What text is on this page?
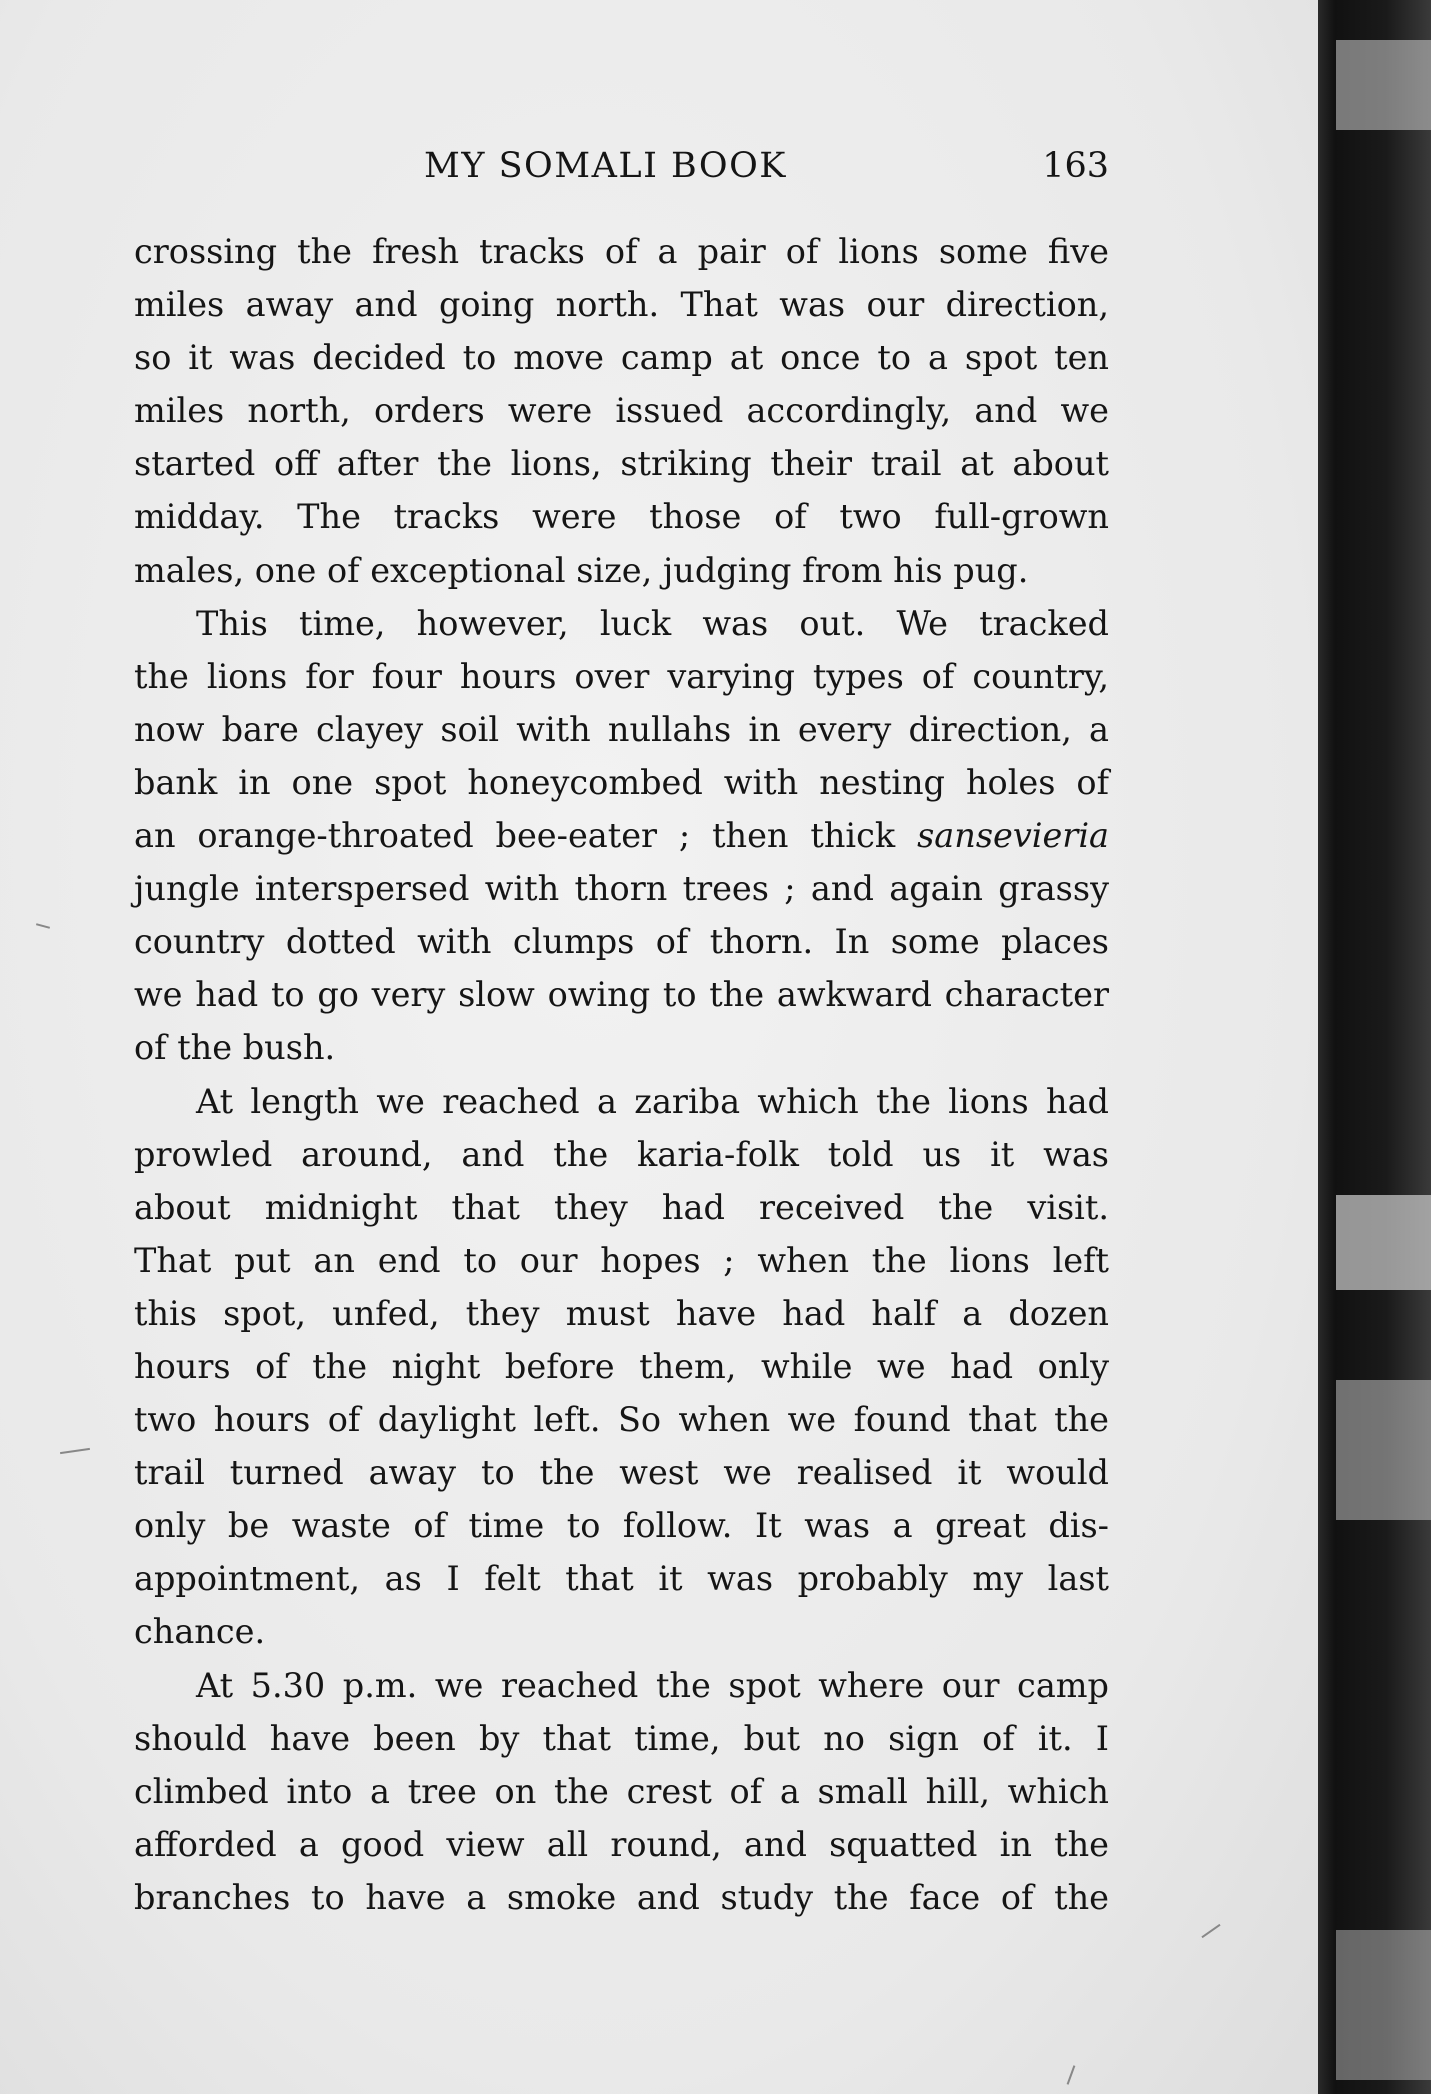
MY SOMALI BOOK	163
crossing the fresh tracks of a pair of lions some five
miles away and going north. That was our direction,
so it was decided to move camp at once to a spot ten
miles north, orders were issued accordingly, and we
started off after the lions, striking their trail at about
midday. The tracks were those of two full-grown
males, one of exceptional size, judging from his pug.
This time, however, luck was out. We tracked
the lions for four hours over varying types of country,
now bare clayey soil with nullahs in every direction, a
bank in one spot honeycombed with nesting holes of
an orange-throated bee-eater ; then thick sansevieria
jungle interspersed with thorn trees ; and again grassy
country dotted with clumps of thorn. In some places
we had to go very slow owing to the awkward character
of the bush.
At length we reached a zariba which the lions had
prowled around, and the karia-folk told us it was
about midnight that they had received the visit.
That put an end to our hopes ; when the lions left
this spot, unfed, they must have had half a dozen
hours of the night before them, while we had only
two hours of daylight left. So when we found that the
trail turned away to the west we realised it would
only be waste of time to follow. It was a great dis-
appointment, as I felt that it was probably my last
chance.
At 5.30 p.m. we reached the spot where our camp
should have been by that time, but no sign of it. I
climbed into a tree on the crest of a small hill, which
afforded a good view all round, and squatted in the
branches to have a smoke and study the face of the
